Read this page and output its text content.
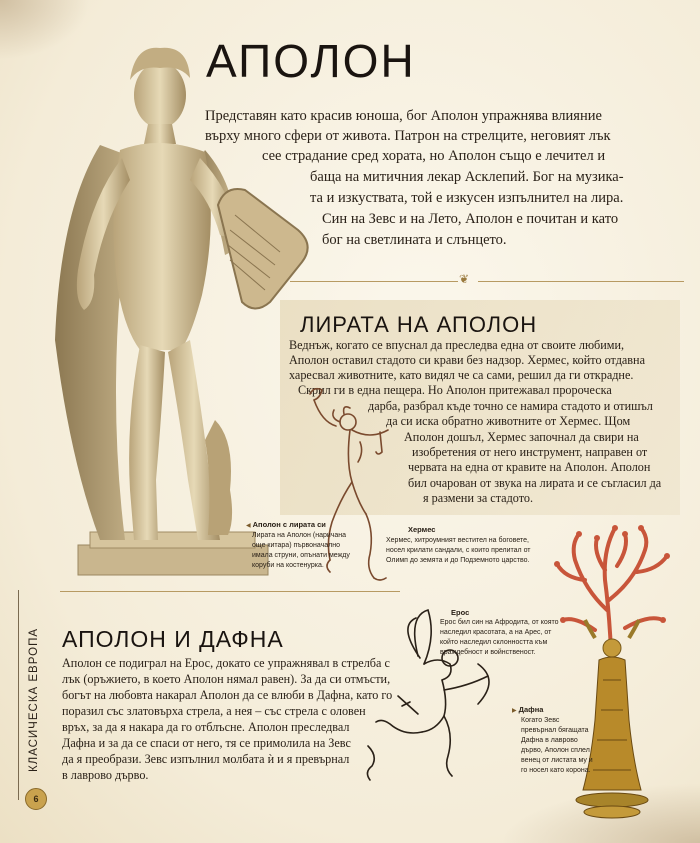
АПОЛОН
Представян като красив юноша, бог Аполон упражнява влияние
върху много сфери от живота. Патрон на стрелците, неговият лък
сее страдание сред хората, но Аполон също е лечител и
баща на митичния лекар Асклепий. Бог на музика-
та и изкуствата, той е изкусен изпълнител на лира.
Син на Зевс и на Лето, Аполон е почитан и като
бог на светлината и слънцето.
❦
ЛИРАТА НА АПОЛОН
Веднъж, когато се впуснал да преследва една от своите любими,
Аполон оставил стадото си крави без надзор. Хермес, който отдавна
харесвал животните, като видял че са сами, решил да ги открадне.
Скрил ги в една пещера. Но Аполон притежавал пророческа
дарба, разбрал къде точно се намира стадото и отишъл
да си иска обратно животните от Хермес. Щом
Аполон дошъл, Хермес започнал да свири на
изобретения от него инструмент, направен от
червата на една от кравите на Аполон. Аполон
бил очарован от звука на лирата и се съгласил да
я размени за стадото.
◀ Аполон с лирата си
Лирата на Аполон (наричана
още китара) първоначално
имала струни, опънати между
коруби на костенурка.
Хермес
Хермес, хитроумният вестител на боговете,
носел крилати сандали, с които прелитал от
Олимп до земята и до Подземното царство.
АПОЛОН И ДАФНА
Аполон се подиграл на Ерос, докато се упражнявал в стрелба с
лък (оръжието, в което Аполон нямал равен). За да си отмъсти,
богът на любовта накарал Аполон да се влюби в Дафна, като го
поразил със златовърха стрела, а нея – със стрела с оловен
връх, за да я накара да го отблъсне. Аполон преследвал
Дафна и за да се спаси от него, тя се примолила на Зевс
да я преобрази. Зевс изпълнил молбата ѝ и я превърнал
в лаврово дърво.
Ерос
Ерос бил син на Афродита, от която
наследил красотата, а на Арес, от
който наследил склонността към
враждебност и войнственост.
▶ Дафна
Когато Зевс
превърнал бягащата
Дафна в лаврово
дърво, Аполон сплел
венец от листата му и
го носел като корона.
КЛАСИЧЕСКА ЕВРОПА
6
